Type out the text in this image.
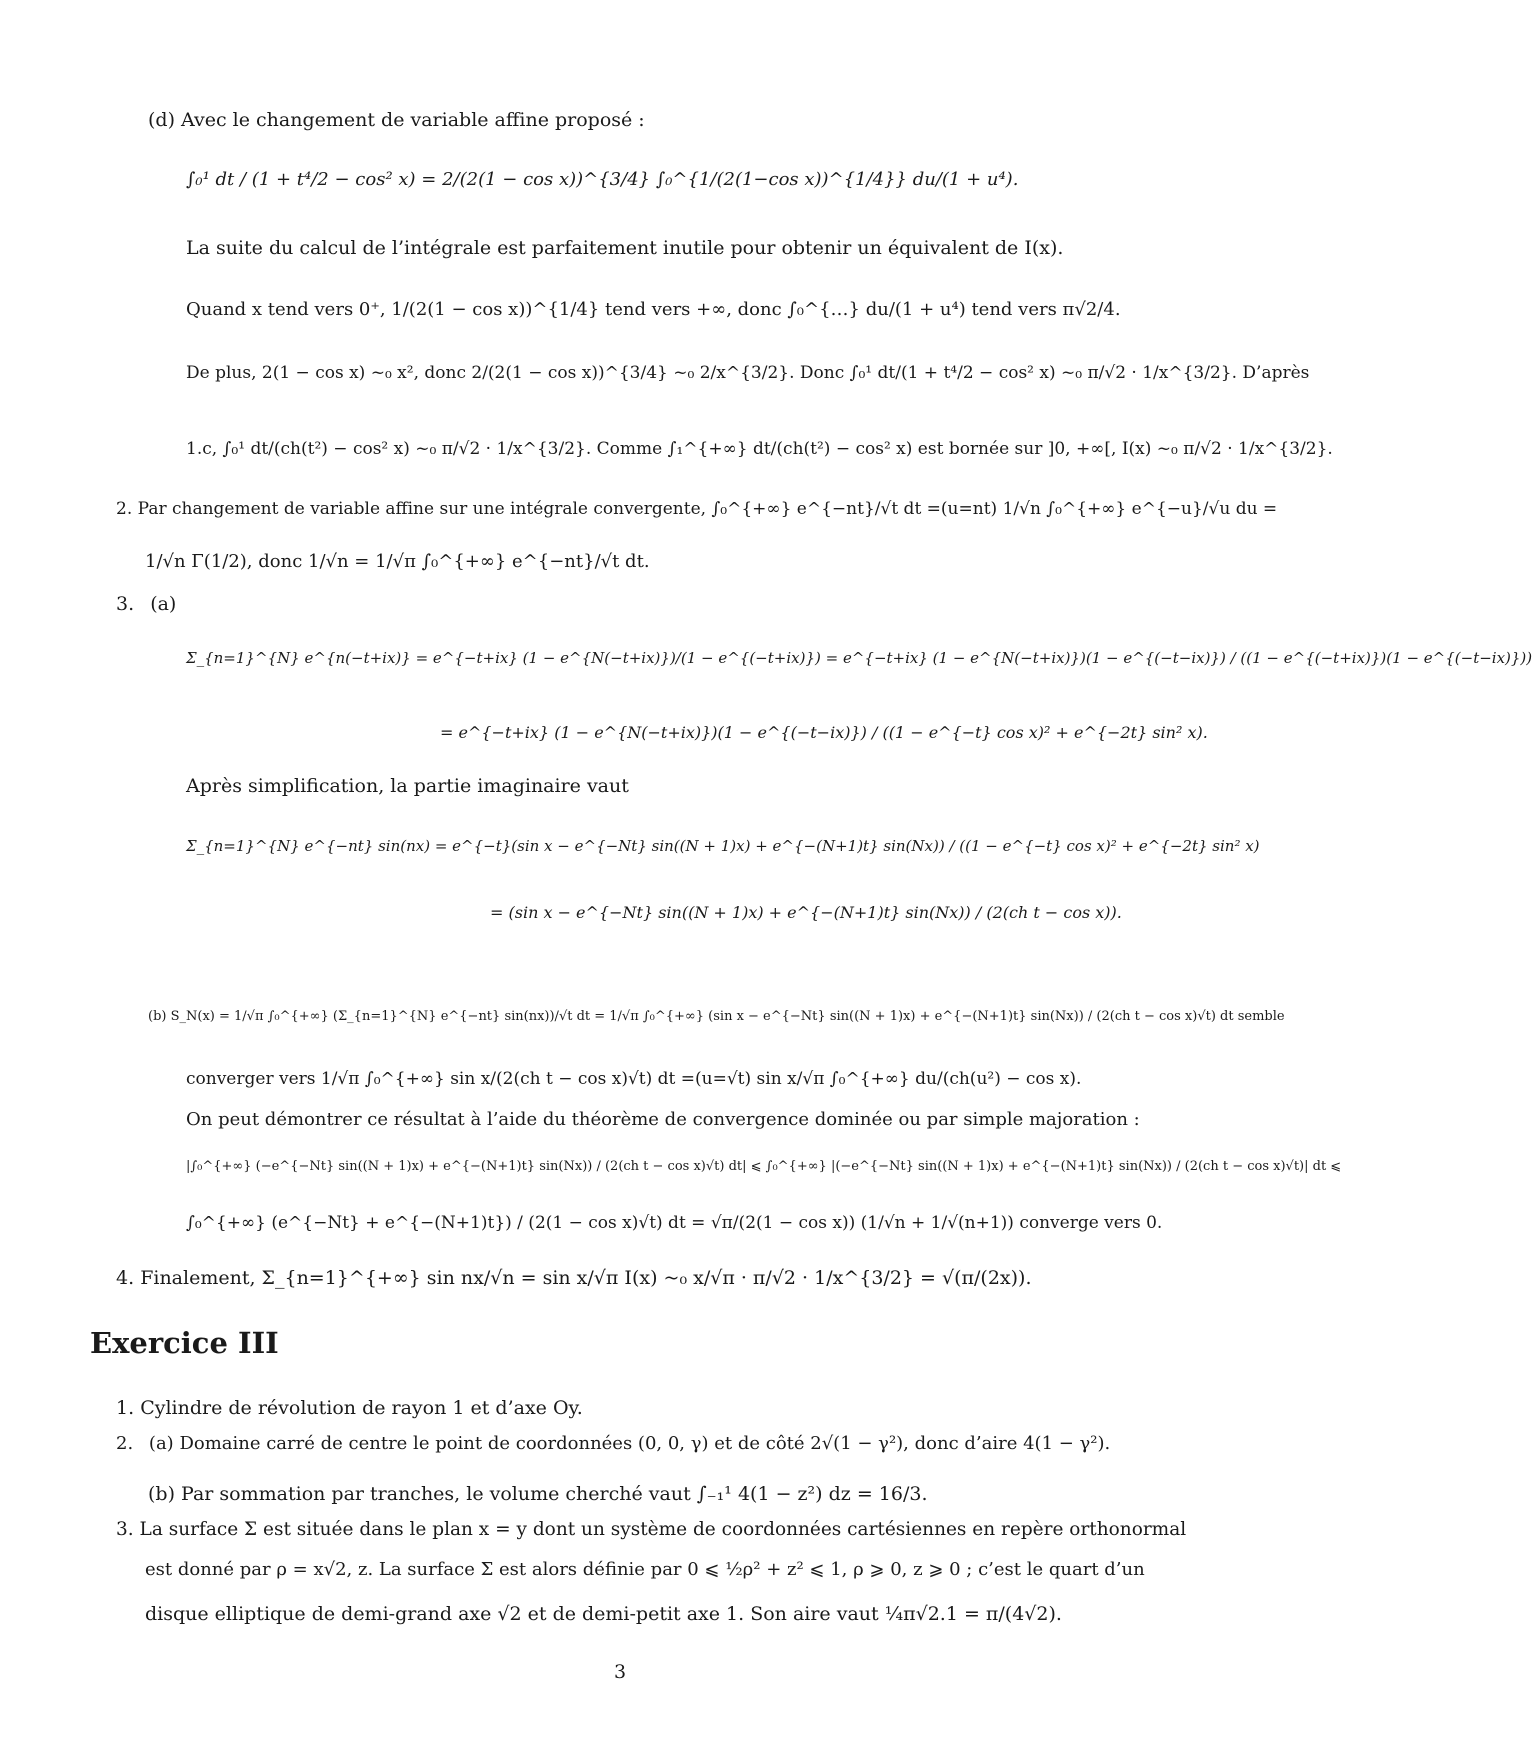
(d) Avec le changement de variable affine proposé :
∫₀¹ dt / (1 + t⁴/2 − cos² x) = 2/(2(1 − cos x))^{3/4} ∫₀^{1/(2(1−cos x))^{1/4}} du/(1 + u⁴).
La suite du calcul de l’intégrale est parfaitement inutile pour obtenir un équivalent de I(x).
Quand x tend vers 0⁺, 1/(2(1 − cos x))^{1/4} tend vers +∞, donc ∫₀^{…} du/(1 + u⁴) tend vers π√2/4.
De plus, 2(1 − cos x) ~₀ x², donc 2/(2(1 − cos x))^{3/4} ~₀ 2/x^{3/2}. Donc ∫₀¹ dt/(1 + t⁴/2 − cos² x) ~₀ π/√2 · 1/x^{3/2}. D’après
1.c, ∫₀¹ dt/(ch(t²) − cos² x) ~₀ π/√2 · 1/x^{3/2}. Comme ∫₁^{+∞} dt/(ch(t²) − cos² x) est bornée sur ]0, +∞[, I(x) ~₀ π/√2 · 1/x^{3/2}.
2. Par changement de variable affine sur une intégrale convergente, ∫₀^{+∞} e^{−nt}/√t dt =(u=nt) 1/√n ∫₀^{+∞} e^{−u}/√u du =
1/√n Γ(1/2), donc 1/√n = 1/√π ∫₀^{+∞} e^{−nt}/√t dt.
3. (a)
Σ_{n=1}^{N} e^{n(−t+ix)} = e^{−t+ix} (1 − e^{N(−t+ix)})/(1 − e^{(−t+ix)}) = e^{−t+ix} (1 − e^{N(−t+ix)})(1 − e^{(−t−ix)}) / ((1 − e^{(−t+ix)})(1 − e^{(−t−ix)}))
= e^{−t+ix} (1 − e^{N(−t+ix)})(1 − e^{(−t−ix)}) / ((1 − e^{−t} cos x)² + e^{−2t} sin² x).
Après simplification, la partie imaginaire vaut
Σ_{n=1}^{N} e^{−nt} sin(nx) = e^{−t}(sin x − e^{−Nt} sin((N + 1)x) + e^{−(N+1)t} sin(Nx)) / ((1 − e^{−t} cos x)² + e^{−2t} sin² x)
= (sin x − e^{−Nt} sin((N + 1)x) + e^{−(N+1)t} sin(Nx)) / (2(ch t − cos x)).
(b) S_N(x) = 1/√π ∫₀^{+∞} (Σ_{n=1}^{N} e^{−nt} sin(nx))/√t dt = 1/√π ∫₀^{+∞} (sin x − e^{−Nt} sin((N + 1)x) + e^{−(N+1)t} sin(Nx)) / (2(ch t − cos x)√t) dt semble
converger vers 1/√π ∫₀^{+∞} sin x/(2(ch t − cos x)√t) dt =(u=√t) sin x/√π ∫₀^{+∞} du/(ch(u²) − cos x).
On peut démontrer ce résultat à l’aide du théorème de convergence dominée ou par simple majoration :
|∫₀^{+∞} (−e^{−Nt} sin((N + 1)x) + e^{−(N+1)t} sin(Nx)) / (2(ch t − cos x)√t) dt| ⩽ ∫₀^{+∞} |(−e^{−Nt} sin((N + 1)x) + e^{−(N+1)t} sin(Nx)) / (2(ch t − cos x)√t)| dt ⩽
∫₀^{+∞} (e^{−Nt} + e^{−(N+1)t}) / (2(1 − cos x)√t) dt = √π/(2(1 − cos x)) (1/√n + 1/√(n+1)) converge vers 0.
4. Finalement, Σ_{n=1}^{+∞} sin nx/√n = sin x/√π I(x) ~₀ x/√π · π/√2 · 1/x^{3/2} = √(π/(2x)).
Exercice III
1. Cylindre de révolution de rayon 1 et d’axe Oy.
2. (a) Domaine carré de centre le point de coordonnées (0, 0, γ) et de côté 2√(1 − γ²), donc d’aire 4(1 − γ²).
(b) Par sommation par tranches, le volume cherché vaut ∫₋₁¹ 4(1 − z²) dz = 16/3.
3. La surface Σ est située dans le plan x = y dont un système de coordonnées cartésiennes en repère orthonormal
est donné par ρ = x√2, z. La surface Σ est alors définie par 0 ⩽ ½ρ² + z² ⩽ 1, ρ ⩾ 0, z ⩾ 0 ; c’est le quart d’un
disque elliptique de demi-grand axe √2 et de demi-petit axe 1. Son aire vaut ¼π√2.1 = π/(4√2).
3
